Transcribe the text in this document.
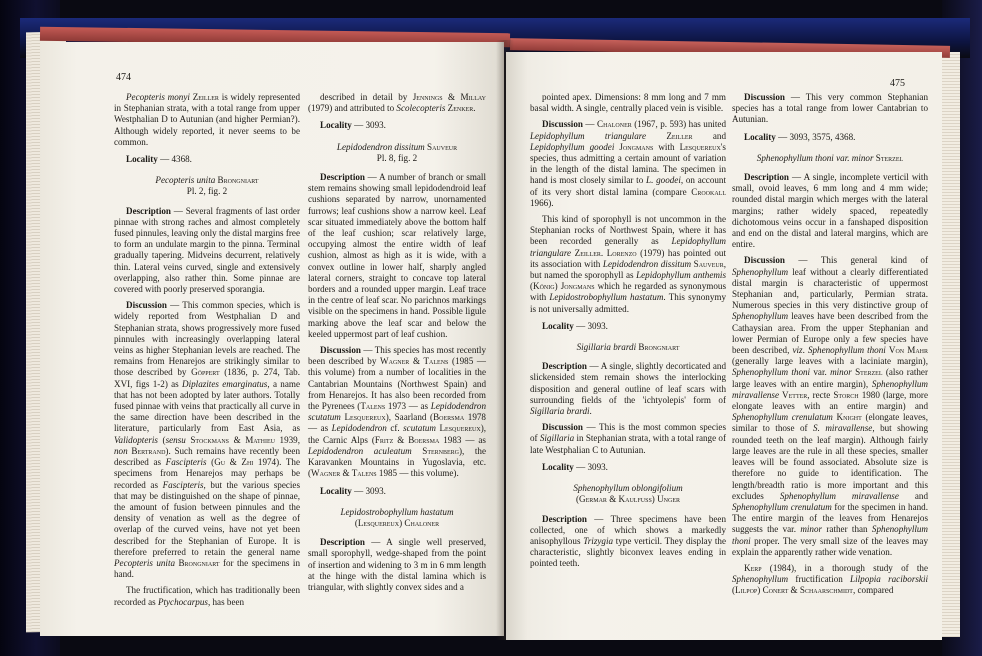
474

Pecopteris monyi Zeiller is widely represented in Stephanian strata, with a total range from upper Westphalian D to Autunian (and higher Permian?). Although widely reported, it never seems to be common.

Locality — 4368.

Pecopteris unita Brongniart
Pl. 2, fig. 2

Description — Several fragments of last order pinnae with strong raches and almost completely fused pinnules, leaving only the distal margins free to form an undulate margin to the pinna. Terminal gradually tapering. Midveins decurrent, relatively thin. Lateral veins curved, single and extensively overlapping, also rather thin. Some pinnae are covered with poorly preserved sporangia.

Discussion — This common species, which is widely reported from Westphalian D and Stephanian strata, shows progressively more fused pinnules with increasingly overlapping lateral veins as higher Stephanian levels are reached. The remains from Henarejos are strikingly similar to those described by Göppert (1836, p. 274, Tab. XVI, figs 1-2) as Diplazites emarginatus, a name that has not been adopted by later authors. Totally fused pinnae with veins that practically all curve in the same direction have been described in the literature, particularly from East Asia, as Validopteris (sensu Stockmans & Mathieu 1939, non Bertrand). Such remains have recently been described as Fascipteris (Gu & Zhi 1974). The specimens from Henarejos may perhaps be recorded as Fascipteris, but the various species that may be distinguished on the shape of pinnae, the amount of fusion between pinnules and the density of venation as well as the degree of overlap of the curved veins, have not yet been described for the Stephanian of Europe. It is therefore preferred to retain the general name Pecopteris unita Brongniart for the specimens in hand.

The fructification, which has traditionally been recorded as Ptychocarpus, has been

described in detail by Jennings & Millay (1979) and attributed to Scolecopteris Zenker.

Locality — 3093.

Lepidodendron dissitum Sauveur
Pl. 8, fig. 2

Description — A number of branch or small stem remains showing small lepidodendroid leaf cushions separated by narrow, unornamented furrows; leaf cushions show a narrow keel. Leaf scar situated immediately above the bottom half of the leaf cushion; scar relatively large, occupying almost the entire width of leaf cushion, almost as high as it is wide, with a convex outline in lower half, sharply angled lateral corners, straight to concave top lateral borders and a rounded upper margin. Leaf trace in the centre of leaf scar. No parichnos markings visible on the specimens in hand. Possible ligule marking above the leaf scar and below the keeled uppermost part of leaf cushion.

Discussion — This species has most recently been described by Wagner & Talens (1985 — this volume) from a number of localities in the Cantabrian Mountains (Northwest Spain) and from Henarejos. It has also been recorded from the Pyrenees (Talens 1973 — as Lepidodendron scutatum Lesquereux), Saarland (Boersma 1978 — as Lepidodendron cf. scutatum Lesquereux), the Carnic Alps (Fritz & Boersma 1983 — as Lepidodendron aculeatum Sternberg), the Karavanken Mountains in Yugoslavia, etc. (Wagner & Talens 1985 — this volume).

Locality — 3093.

Lepidostrobophyllum hastatum
(Lesquereux) Chaloner

Description — A single well preserved, small sporophyll, wedge-shaped from the point of insertion and widening to 3 m in 6 mm length at the hinge with the distal lamina which is triangular, with slightly convex sides and a

475

pointed apex. Dimensions: 8 mm long and 7 mm basal width. A single, centrally placed vein is visible.

Discussion — Chaloner (1967, p. 593) has united Lepidophyllum triangulare Zeiller and Lepidophyllum goodei Jongmans with Lesquereux's species, thus admitting a certain amount of variation in the length of the distal lamina. The specimen in hand is most closely similar to L. goodei, on account of its very short distal lamina (compare Crookall 1966).

This kind of sporophyll is not uncommon in the Stephanian rocks of Northwest Spain, where it has been recorded generally as Lepidophyllum triangulare Zeiller. Lorenzo (1979) has pointed out its association with Lepidodendron dissitum Sauveur, but named the sporophyll as Lepidophyllum anthemis (König) Jongmans which he regarded as synonymous with Lepidostrobophyllum hastatum. This synonymy is not universally admitted.

Locality — 3093.

Sigillaria brardi Brongniart

Description — A single, slightly decorticated and slickensided stem remain shows the interlocking disposition and general outline of leaf scars with surrounding fields of the 'ichtyolepis' form of Sigillaria brardi.

Discussion — This is the most common species of Sigillaria in Stephanian strata, with a total range of late Westphalian C to Autunian.

Locality — 3093.

Sphenophyllum oblongifolium
(Germar & Kaulfuss) Unger

Description — Three specimens have been collected, one of which shows a markedly anisophyllous Trizygia type verticil. They display the characteristic, slightly biconvex leaves ending in pointed teeth.

Discussion — This very common Stephanian species has a total range from lower Cantabrian to Autunian.

Locality — 3093, 3575, 4368.

Sphenophyllum thoni var. minor Sterzel

Description — A single, incomplete verticil with small, ovoid leaves, 6 mm long and 4 mm wide; rounded distal margin which merges with the lateral margins; rather widely spaced, repeatedly dichotomous veins occur in a fanshaped disposition and end on the distal and lateral margins, which are entire.

Discussion — This general kind of Sphenophyllum leaf without a clearly differentiated distal margin is characteristic of uppermost Stephanian and, particularly, Permian strata. Numerous species in this very distinctive group of Sphenophyllum leaves have been described from the Cathaysian area. From the upper Stephanian and lower Permian of Europe only a few species have been described, viz. Sphenophyllum thoni Von Mahr (generally large leaves with a laciniate margin), Sphenophyllum thoni var. minor Sterzel (also rather large leaves with an entire margin), Sphenophyllum miravallense Vetter, recte Storch 1980 (large, more elongate leaves with an entire margin) and Sphenophyllum crenulatum Knight (elongate leaves, similar to those of S. miravallense, but showing rounded teeth on the leaf margin). Although fairly large leaves are the rule in all these species, smaller leaves will be found associated. Absolute size is therefore no guide to identification. The length/breadth ratio is more important and this excludes Sphenophyllum miravallense and Sphenophyllum crenulatum for the specimen in hand. The entire margin of the leaves from Henarejos suggests the var. minor rather than Sphenophyllum thoni proper. The very small size of the leaves may explain the apparently rather wide venation.

Kerp (1984), in a thorough study of the Sphenophyllum fructification Lilpopia raciborskii (Lilpop) Conert & Schaarschmidt, compared
